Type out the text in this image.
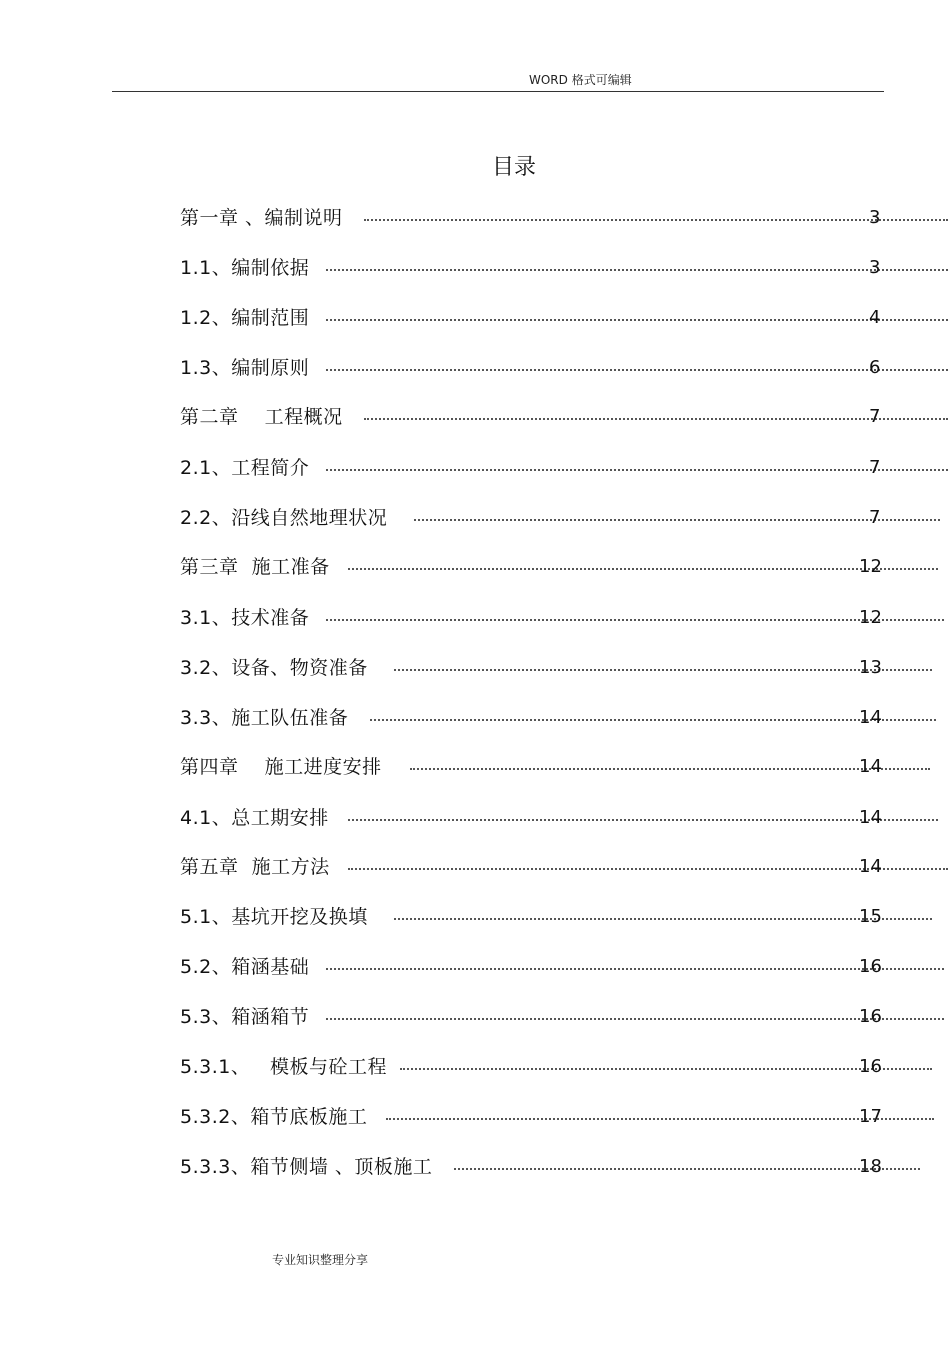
WORD 格式可编辑
目录
第一章 、编制说明	3
1.1、编制依据	3
1.2、编制范围	4
1.3、编制原则	6
第二章    工程概况	7
2.1、工程简介	7
2.2、沿线自然地理状况	7
第三章  施工准备	12
3.1、技术准备	12
3.2、设备、物资准备	13
3.3、施工队伍准备	14
第四章    施工进度安排	14
4.1、总工期安排	14
第五章  施工方法	14
5.1、基坑开挖及换填	15
5.2、箱涵基础	16
5.3、箱涵箱节	16
5.3.1、   模板与砼工程	16
5.3.2、箱节底板施工	17
5.3.3、箱节侧墙 、顶板施工	18
专业知识整理分享
